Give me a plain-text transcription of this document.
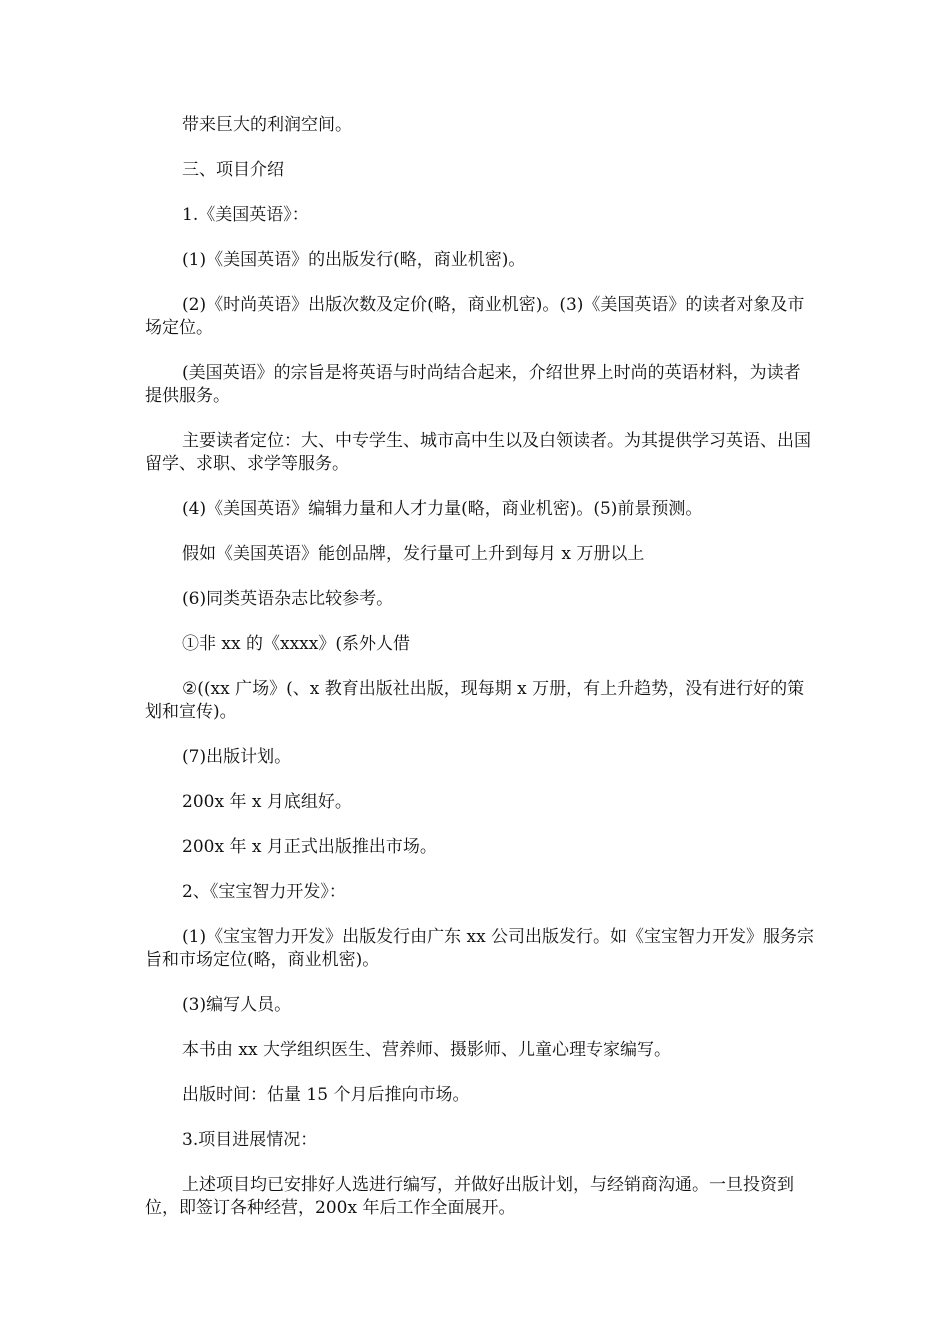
带来巨大的利润空间。

三、项目介绍

1.《美国英语》：

(1)《美国英语》的出版发行(略，商业机密)。

(2)《时尚英语》出版次数及定价(略，商业机密)。(3)《美国英语》的读者对象及市场定位。

(美国英语》的宗旨是将英语与时尚结合起来，介绍世界上时尚的英语材料，为读者提供服务。

主要读者定位：大、中专学生、城市高中生以及白领读者。为其提供学习英语、出国留学、求职、求学等服务。

(4)《美国英语》编辑力量和人才力量(略，商业机密)。(5)前景预测。

假如《美国英语》能创品牌，发行量可上升到每月 x 万册以上

(6)同类英语杂志比较参考。

①非 xx 的《xxxx》(系外人借

②((xx 广场》(、x 教育出版社出版，现每期 x 万册，有上升趋势，没有进行好的策划和宣传)。

(7)出版计划。

200x 年 x 月底组好。

200x 年 x 月正式出版推出市场。

2、《宝宝智力开发》：

(1)《宝宝智力开发》出版发行由广东 xx 公司出版发行。如《宝宝智力开发》服务宗旨和市场定位(略，商业机密)。

(3)编写人员。

本书由 xx 大学组织医生、营养师、摄影师、儿童心理专家编写。

出版时间：估量 15 个月后推向市场。

3.项目进展情况：

上述项目均已安排好人选进行编写，并做好出版计划，与经销商沟通。一旦投资到位，即签订各种经营，200x 年后工作全面展开。
